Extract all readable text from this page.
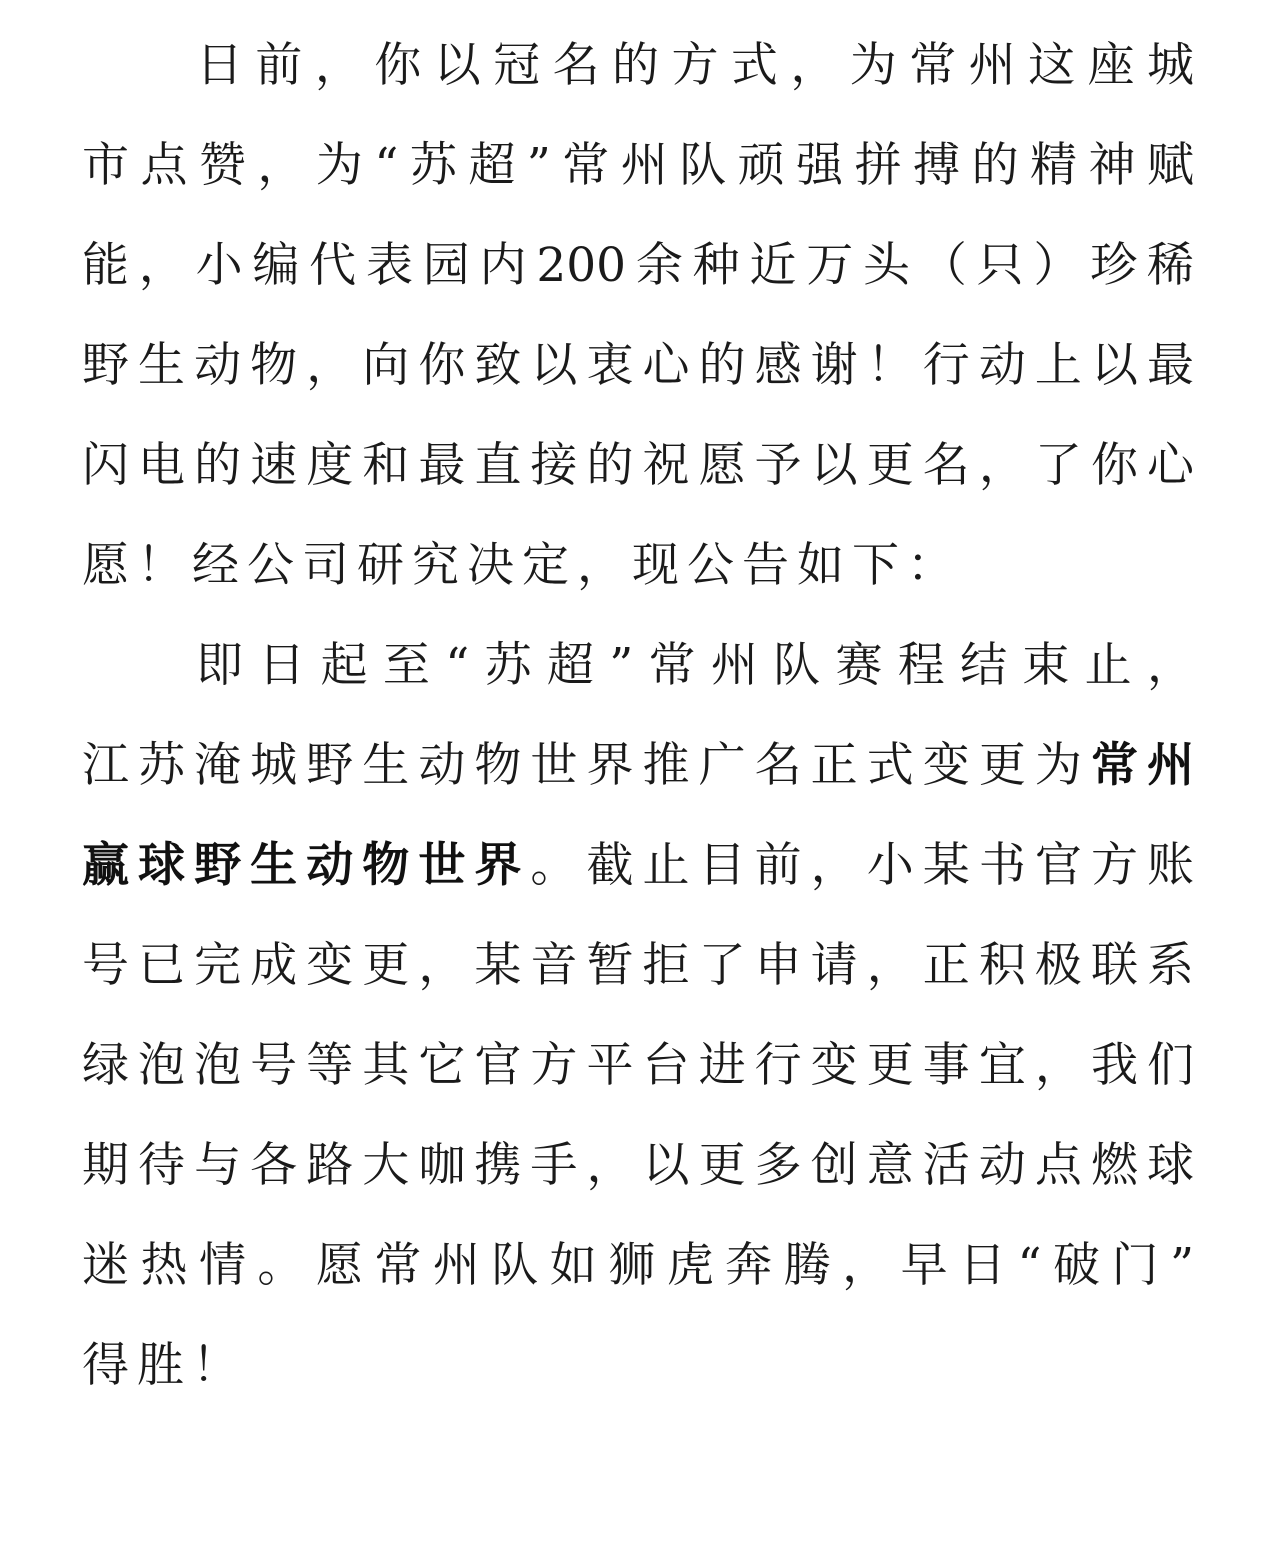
日前，你以冠名的方式，为常州这座城
市点赞，为“苏超”常州队顽强拼搏的精神赋
能，小编代表园内200余种近万头（只）珍稀
野生动物，向你致以衷心的感谢！行动上以最
闪电的速度和最直接的祝愿予以更名，了你心
愿！经公司研究决定，现公告如下：
即日起至“苏超”常州队赛程结束止，
江苏淹城野生动物世界推广名正式变更为常州
赢球野生动物世界。截止目前，小某书官方账
号已完成变更，某音暂拒了申请，正积极联系
绿泡泡号等其它官方平台进行变更事宜，我们
期待与各路大咖携手，以更多创意活动点燃球
迷热情。愿常州队如狮虎奔腾，早日“破门”
得胜！
